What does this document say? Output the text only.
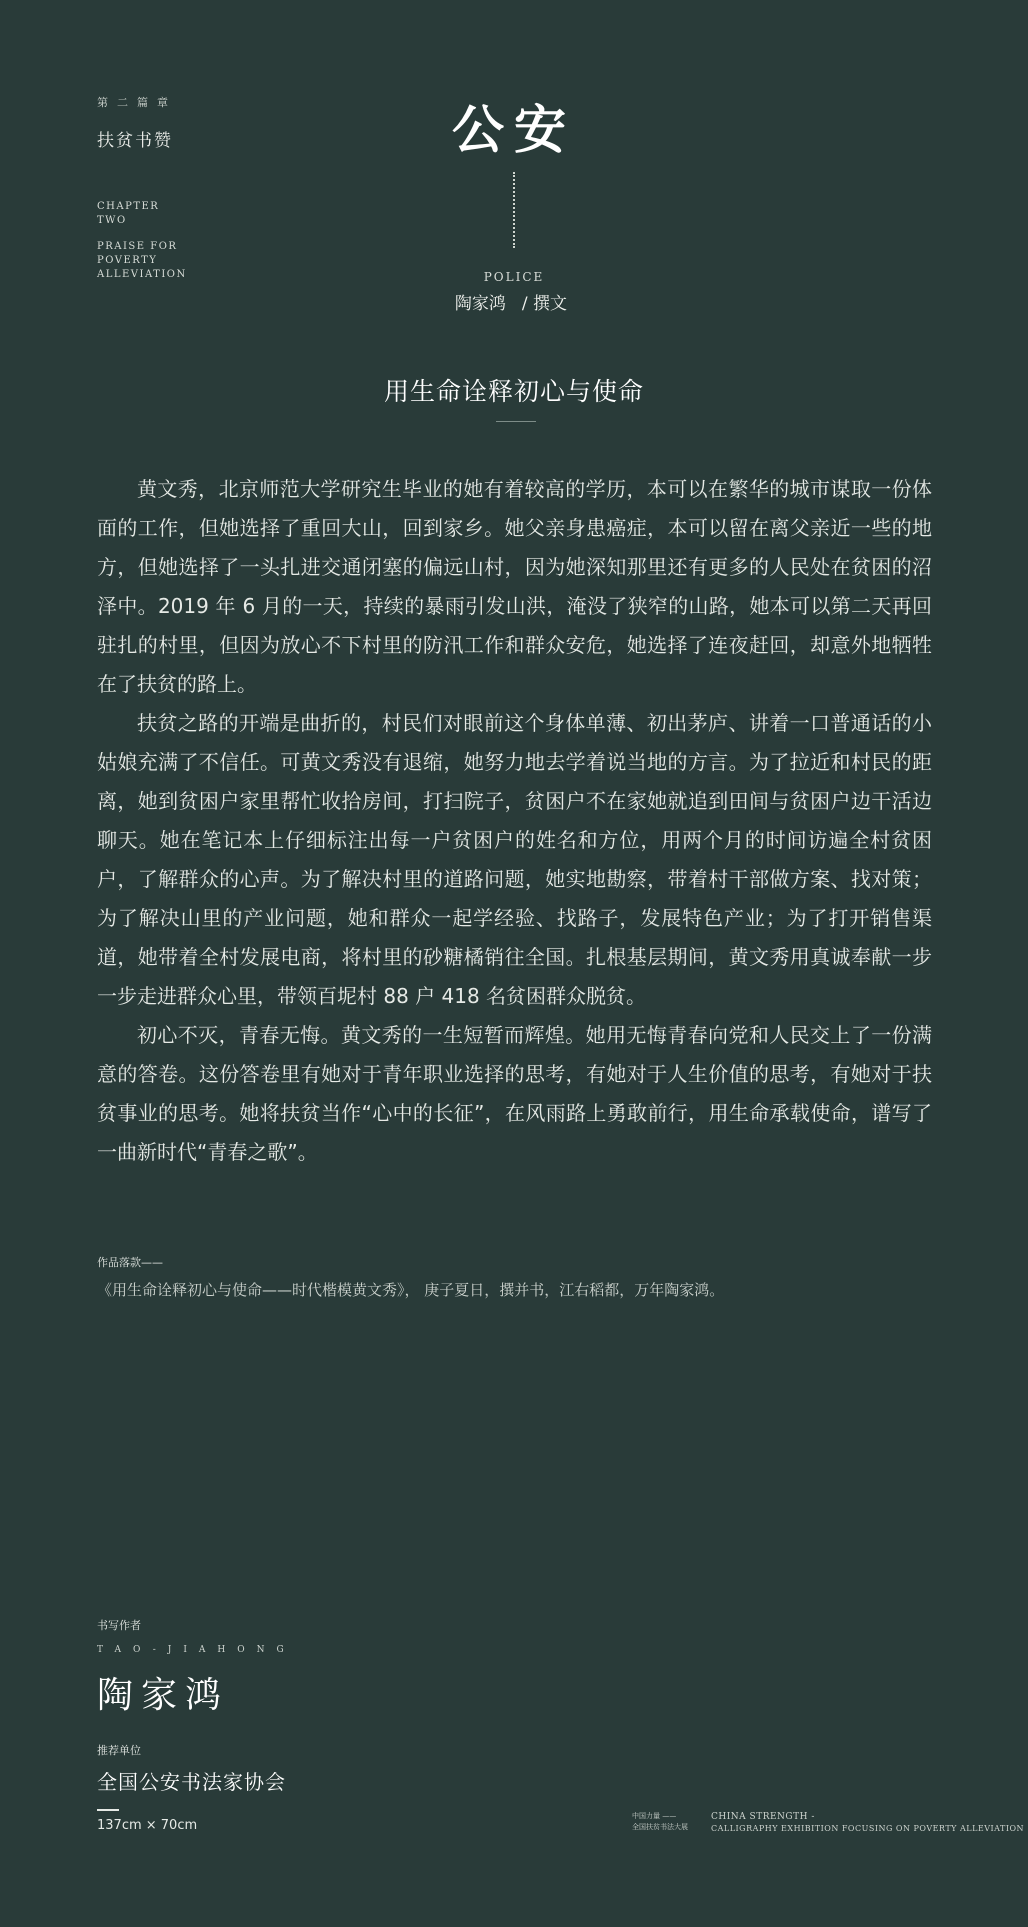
第二篇章
扶贫书赞
CHAPTER
TWO
PRAISE FOR
POVERTY
ALLEVIATION
公安
POLICE
陶家鸿 / 撰文
用生命诠释初心与使命

黄文秀，北京师范大学研究生毕业的她有着较高的学历，本可以在繁华的城市谋取一份体面的工作，但她选择了重回大山，回到家乡。她父亲身患癌症，本可以留在离父亲近一些的地方，但她选择了一头扎进交通闭塞的偏远山村，因为她深知那里还有更多的人民处在贫困的沼泽中。2019 年 6 月的一天，持续的暴雨引发山洪，淹没了狭窄的山路，她本可以第二天再回驻扎的村里，但因为放心不下村里的防汛工作和群众安危，她选择了连夜赶回，却意外地牺牲在了扶贫的路上。

扶贫之路的开端是曲折的，村民们对眼前这个身体单薄、初出茅庐、讲着一口普通话的小姑娘充满了不信任。可黄文秀没有退缩，她努力地去学着说当地的方言。为了拉近和村民的距离，她到贫困户家里帮忙收拾房间，打扫院子，贫困户不在家她就追到田间与贫困户边干活边聊天。她在笔记本上仔细标注出每一户贫困户的姓名和方位，用两个月的时间访遍全村贫困户，了解群众的心声。为了解决村里的道路问题，她实地勘察，带着村干部做方案、找对策；为了解决山里的产业问题，她和群众一起学经验、找路子，发展特色产业；为了打开销售渠道，她带着全村发展电商，将村里的砂糖橘销往全国。扎根基层期间，黄文秀用真诚奉献一步一步走进群众心里，带领百坭村 88 户 418 名贫困群众脱贫。

初心不灭，青春无悔。黄文秀的一生短暂而辉煌。她用无悔青春向党和人民交上了一份满意的答卷。这份答卷里有她对于青年职业选择的思考，有她对于人生价值的思考，有她对于扶贫事业的思考。她将扶贫当作“心中的长征”，在风雨路上勇敢前行，用生命承载使命，谱写了一曲新时代“青春之歌”。

作品落款——
《用生命诠释初心与使命——时代楷模黄文秀》， 庚子夏日，撰并书，江右稻都，万年陶家鸿。
书写作者
TAO-JIAHONG
陶家鸿
推荐单位
全国公安书法家协会
137cm × 70cm
中国力量 ——
全国扶贫书法大展
CHINA STRENGTH -
CALLIGRAPHY EXHIBITION FOCUSING ON POVERTY ALLEVIATION
